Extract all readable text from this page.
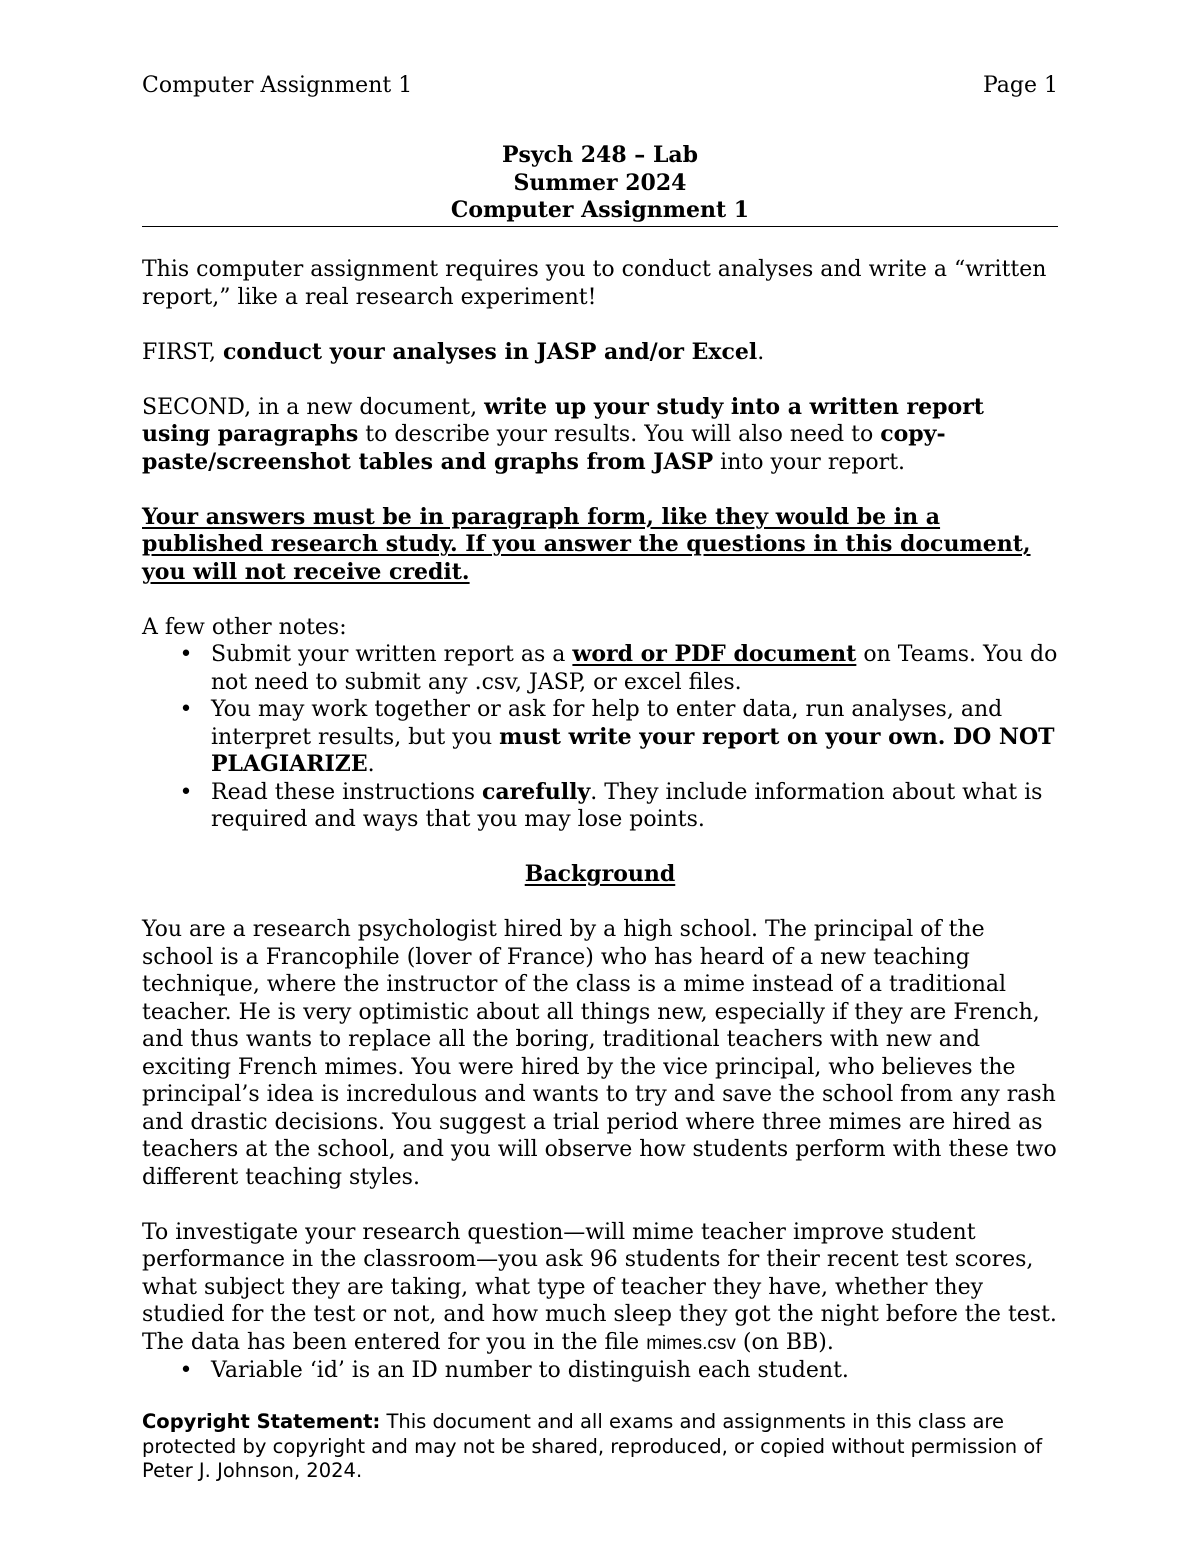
Computer Assignment 1	Page 1
Psych 248 – Lab
Summer 2024
Computer Assignment 1

This computer assignment requires you to conduct analyses and write a “written report,” like a real research experiment!

FIRST, conduct your analyses in JASP and/or Excel.

SECOND, in a new document, write up your study into a written report using paragraphs to describe your results. You will also need to copy-paste/screenshot tables and graphs from JASP into your report.

Your answers must be in paragraph form, like they would be in a published research study. If you answer the questions in this document, you will not receive credit.

A few other notes:

• Submit your written report as a word or PDF document on Teams. You do not need to submit any .csv, JASP, or excel files.
• You may work together or ask for help to enter data, run analyses, and interpret results, but you must write your report on your own. DO NOT PLAGIARIZE.
• Read these instructions carefully. They include information about what is required and ways that you may lose points.

Background

You are a research psychologist hired by a high school. The principal of the school is a Francophile (lover of France) who has heard of a new teaching technique, where the instructor of the class is a mime instead of a traditional teacher. He is very optimistic about all things new, especially if they are French, and thus wants to replace all the boring, traditional teachers with new and exciting French mimes. You were hired by the vice principal, who believes the principal’s idea is incredulous and wants to try and save the school from any rash and drastic decisions. You suggest a trial period where three mimes are hired as teachers at the school, and you will observe how students perform with these two different teaching styles.

To investigate your research question—will mime teacher improve student performance in the classroom—you ask 96 students for their recent test scores, what subject they are taking, what type of teacher they have, whether they studied for the test or not, and how much sleep they got the night before the test. The data has been entered for you in the file mimes.csv (on BB).

• Variable ‘id’ is an ID number to distinguish each student.
Copyright Statement: This document and all exams and assignments in this class are protected by copyright and may not be shared, reproduced, or copied without permission of Peter J. Johnson, 2024.
